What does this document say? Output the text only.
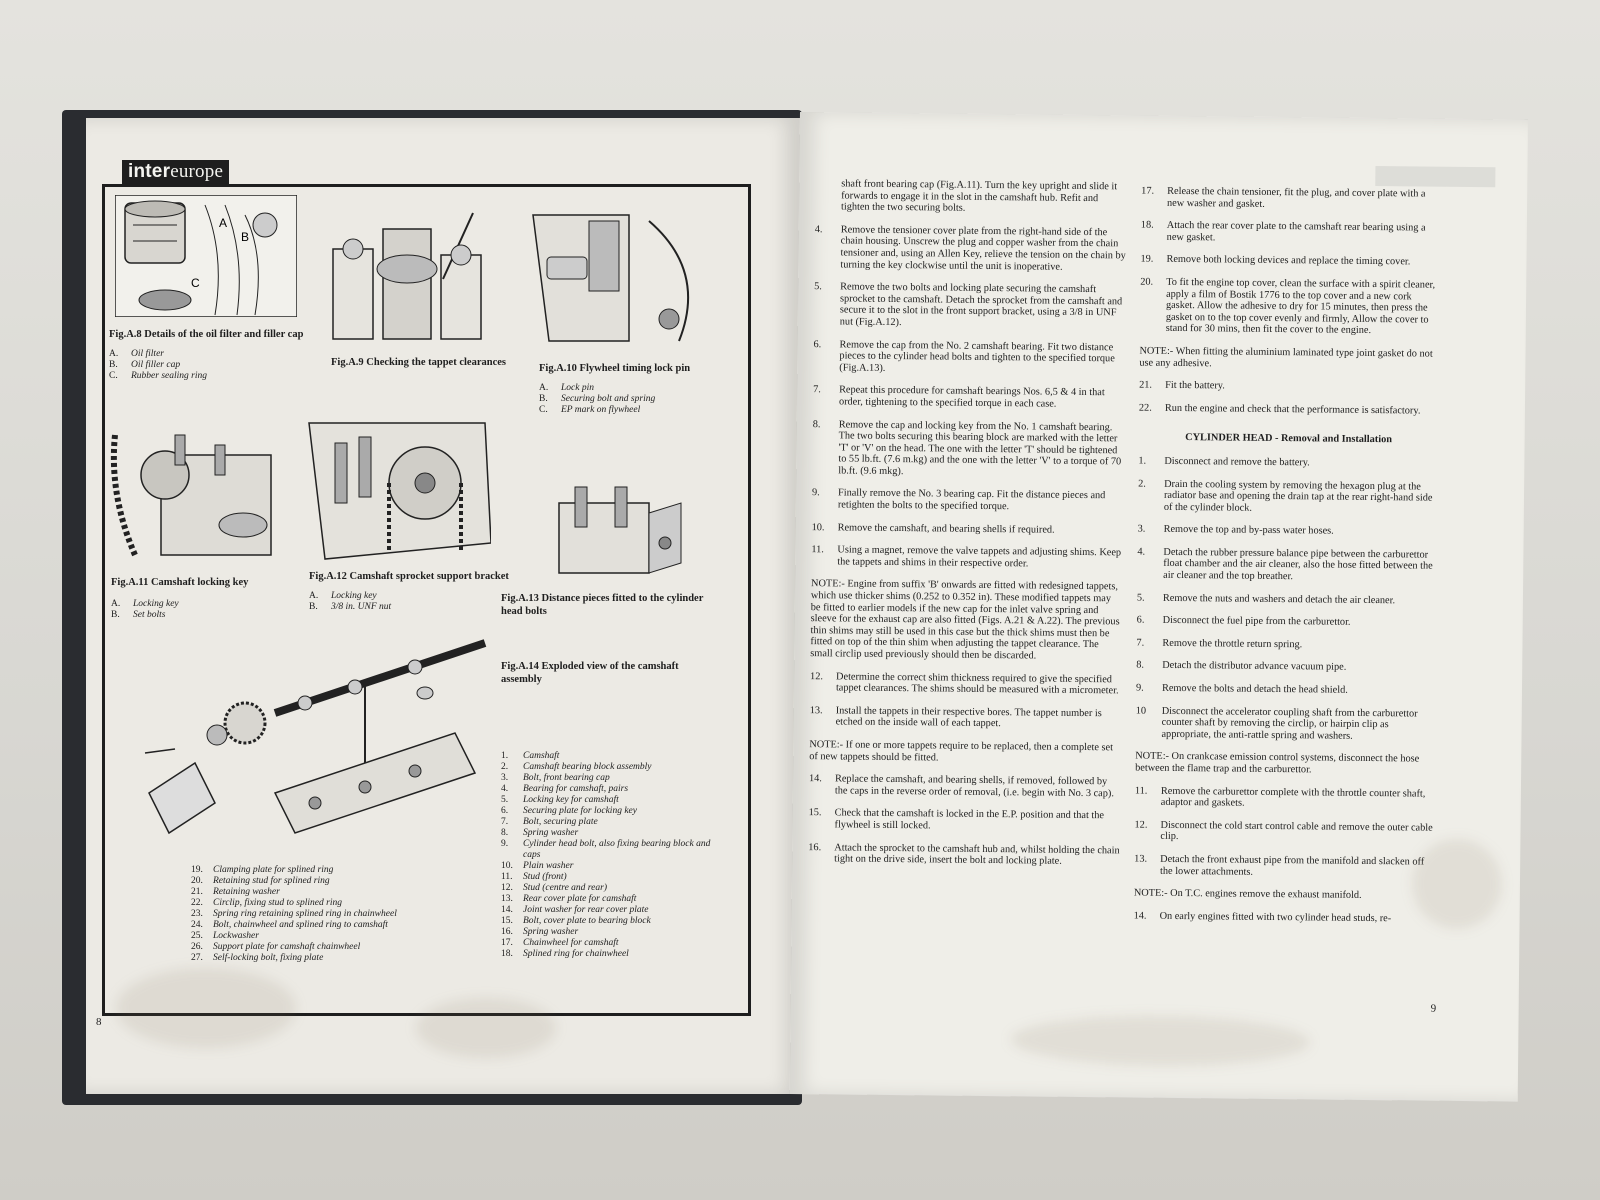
intereurope
A
B
C
Fig.A.8 Details of the oil filter and filler cap
A. Oil filter
B. Oil filler cap
C. Rubber sealing ring
Fig.A.9 Checking the tappet clearances
Fig.A.10 Flywheel timing lock pin
A. Lock pin
B. Securing bolt and spring
C. EP mark on flywheel
Fig.A.11 Camshaft locking key
A. Locking key
B. Set bolts
Fig.A.12 Camshaft sprocket support bracket
A. Locking key
B. 3/8 in. UNF nut
Fig.A.13 Distance pieces fitted to the cylinder
head bolts
Fig.A.14 Exploded view of the camshaft
assembly
1. Camshaft
2. Camshaft bearing block assembly
3. Bolt, front bearing cap
4. Bearing for camshaft, pairs
5. Locking key for camshaft
6. Securing plate for locking key
7. Bolt, securing plate
8. Spring washer
9. Cylinder head bolt, also fixing bearing block and
caps
10. Plain washer
11. Stud (front)
12. Stud (centre and rear)
13. Rear cover plate for camshaft
14. Joint washer for rear cover plate
15. Bolt, cover plate to bearing block
16. Spring washer
17. Chainwheel for camshaft
18. Splined ring for chainwheel
19. Clamping plate for splined ring
20. Retaining stud for splined ring
21. Retaining washer
22. Circlip, fixing stud to splined ring
23. Spring ring retaining splined ring in chainwheel
24. Bolt, chainwheel and splined ring to camshaft
25. Lockwasher
26. Support plate for camshaft chainwheel
27. Self-locking bolt, fixing plate
8
shaft front bearing cap (Fig.A.11). Turn the key upright and slide it forwards to engage it in the slot in the camshaft hub. Refit and tighten the two securing bolts.
4. Remove the tensioner cover plate from the right-hand side of the chain housing. Unscrew the plug and copper washer from the chain tensioner and, using an Allen Key, relieve the tension on the chain by turning the key clockwise until the unit is inoperative.
5. Remove the two bolts and locking plate securing the camshaft sprocket to the camshaft. Detach the sprocket from the camshaft and secure it to the slot in the front support bracket, using a 3/8 in UNF nut (Fig.A.12).
6. Remove the cap from the No. 2 camshaft bearing. Fit two distance pieces to the cylinder head bolts and tighten to the specified torque (Fig.A.13).
7. Repeat this procedure for camshaft bearings Nos. 6,5 & 4 in that order, tightening to the specified torque in each case.
8. Remove the cap and locking key from the No. 1 camshaft bearing. The two bolts securing this bearing block are marked with the letter 'T' or 'V' on the head. The one with the letter 'T' should be tightened to 55 lb.ft. (7.6 m.kg) and the one with the letter 'V' to a torque of 70 lb.ft. (9.6 mkg).
9. Finally remove the No. 3 bearing cap. Fit the distance pieces and retighten the bolts to the specified torque.
10. Remove the camshaft, and bearing shells if required.
11. Using a magnet, remove the valve tappets and adjusting shims. Keep the tappets and shims in their respective order.
NOTE:- Engine from suffix 'B' onwards are fitted with redesigned tappets, which use thicker shims (0.252 to 0.352 in). These modified tappets may be fitted to earlier models if the new cap for the inlet valve spring and sleeve for the exhaust cap are also fitted (Figs. A.21 & A.22). The previous thin shims may still be used in this case but the thick shims must then be fitted on top of the thin shim when adjusting the tappet clearance. The small circlip used previously should then be discarded.
12. Determine the correct shim thickness required to give the specified tappet clearances. The shims should be measured with a micrometer.
13. Install the tappets in their respective bores. The tappet number is etched on the inside wall of each tappet.
NOTE:- If one or more tappets require to be replaced, then a complete set of new tappets should be fitted.
14. Replace the camshaft, and bearing shells, if removed, followed by the caps in the reverse order of removal, (i.e. begin with No. 3 cap).
15. Check that the camshaft is locked in the E.P. position and that the flywheel is still locked.
16. Attach the sprocket to the camshaft hub and, whilst holding the chain tight on the drive side, insert the bolt and locking plate.
17. Release the chain tensioner, fit the plug, and cover plate with a new washer and gasket.
18. Attach the rear cover plate to the camshaft rear bearing using a new gasket.
19. Remove both locking devices and replace the timing cover.
20. To fit the engine top cover, clean the surface with a spirit cleaner, apply a film of Bostik 1776 to the top cover and a new cork gasket. Allow the adhesive to dry for 15 minutes, then press the gasket on to the top cover evenly and firmly, Allow the cover to stand for 30 mins, then fit the cover to the engine.
NOTE:- When fitting the aluminium laminated type joint gasket do not use any adhesive.
21. Fit the battery.
22. Run the engine and check that the performance is satisfactory.
CYLINDER HEAD - Removal and Installation
1. Disconnect and remove the battery.
2. Drain the cooling system by removing the hexagon plug at the radiator base and opening the drain tap at the rear right-hand side of the cylinder block.
3. Remove the top and by-pass water hoses.
4. Detach the rubber pressure balance pipe between the carburettor float chamber and the air cleaner, also the hose fitted between the air cleaner and the top breather.
5. Remove the nuts and washers and detach the air cleaner.
6. Disconnect the fuel pipe from the carburettor.
7. Remove the throttle return spring.
8. Detach the distributor advance vacuum pipe.
9. Remove the bolts and detach the head shield.
10 Disconnect the accelerator coupling shaft from the carburettor counter shaft by removing the circlip, or hairpin clip as appropriate, the anti-rattle spring and washers.
NOTE:- On crankcase emission control systems, disconnect the hose between the flame trap and the carburettor.
11. Remove the carburettor complete with the throttle counter shaft, adaptor and gaskets.
12. Disconnect the cold start control cable and remove the outer cable clip.
13. Detach the front exhaust pipe from the manifold and slacken off the lower attachments.
NOTE:- On T.C. engines remove the exhaust manifold.
14. On early engines fitted with two cylinder head studs, re-
9
